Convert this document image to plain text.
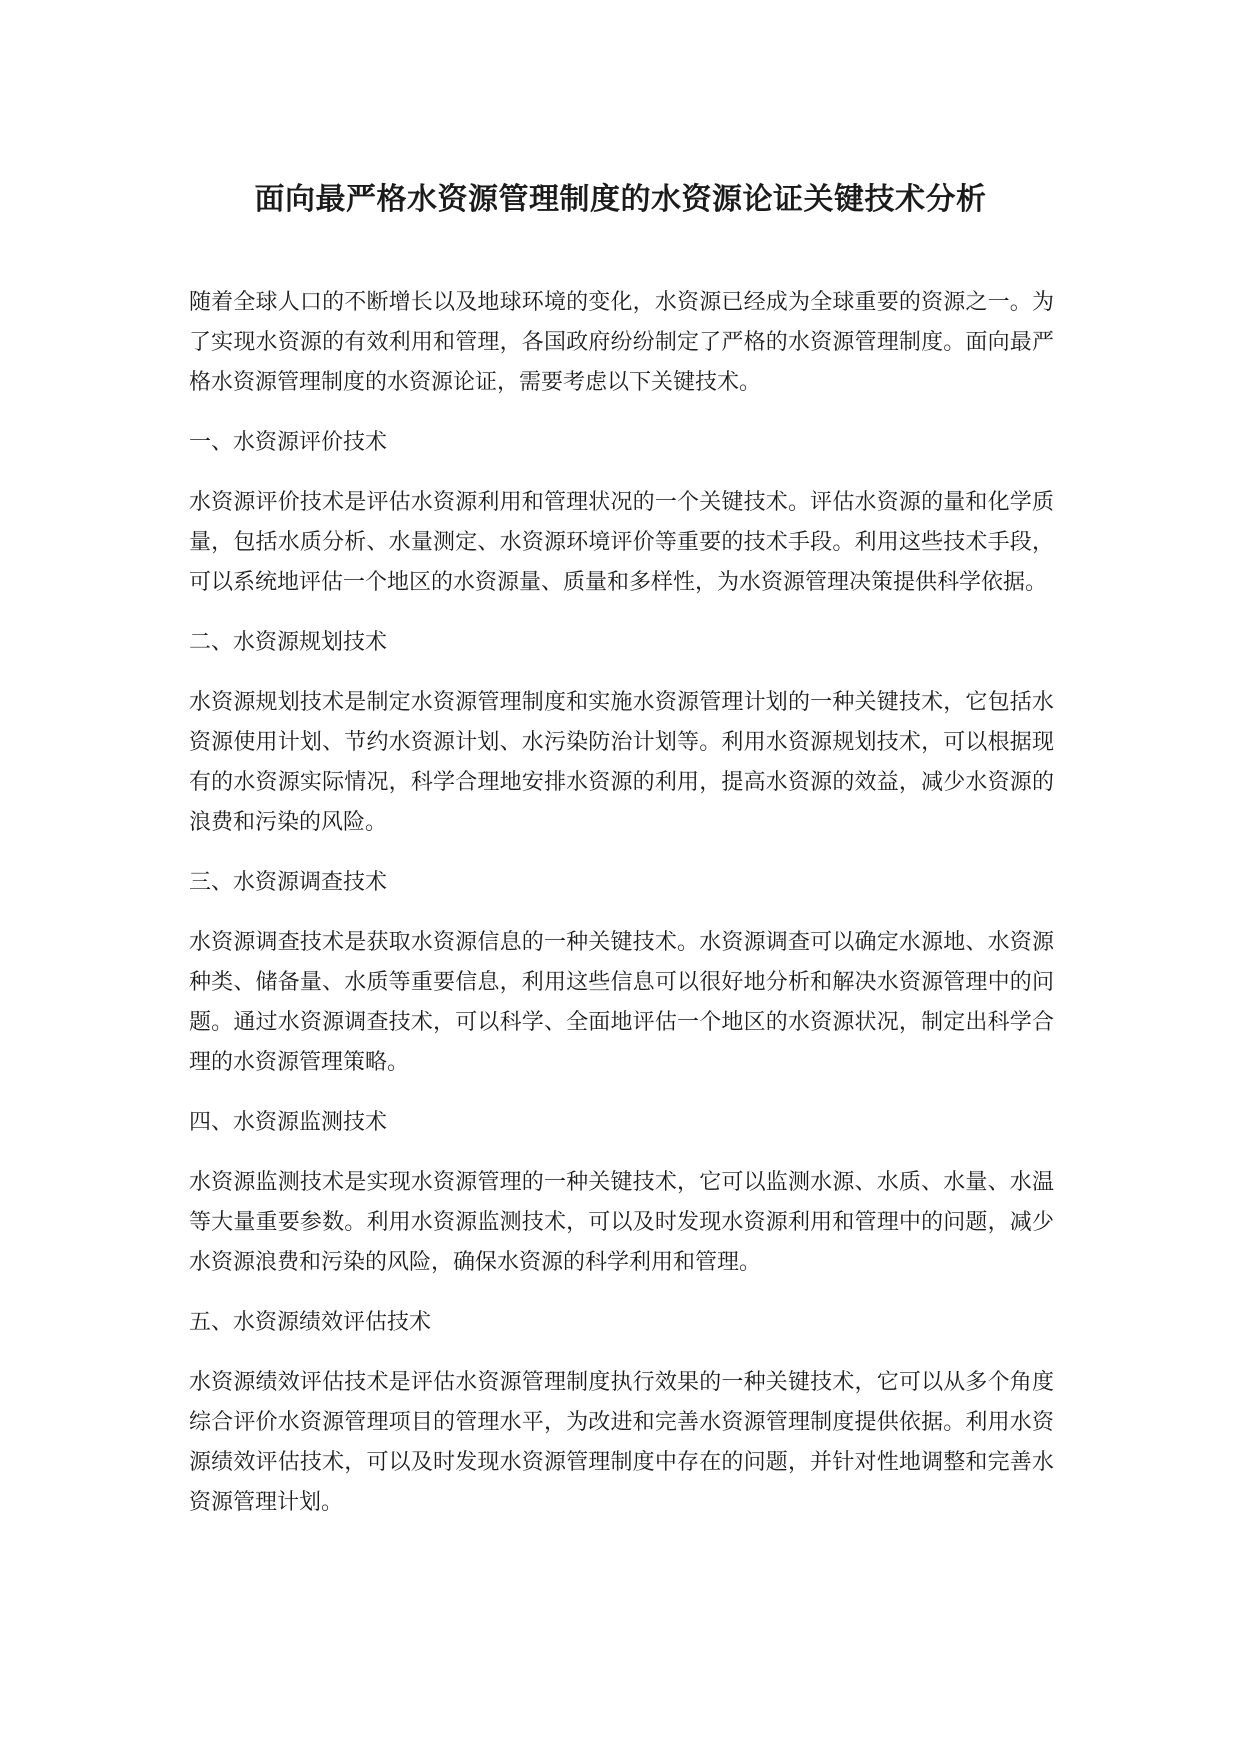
面向最严格水资源管理制度的水资源论证关键技术分析

随着全球人口的不断增长以及地球环境的变化，水资源已经成为全球重要的资源之一。为了实现水资源的有效利用和管理，各国政府纷纷制定了严格的水资源管理制度。面向最严格水资源管理制度的水资源论证，需要考虑以下关键技术。

一、水资源评价技术

水资源评价技术是评估水资源利用和管理状况的一个关键技术。评估水资源的量和化学质量，包括水质分析、水量测定、水资源环境评价等重要的技术手段。利用这些技术手段，可以系统地评估一个地区的水资源量、质量和多样性，为水资源管理决策提供科学依据。

二、水资源规划技术

水资源规划技术是制定水资源管理制度和实施水资源管理计划的一种关键技术，它包括水资源使用计划、节约水资源计划、水污染防治计划等。利用水资源规划技术，可以根据现有的水资源实际情况，科学合理地安排水资源的利用，提高水资源的效益，减少水资源的浪费和污染的风险。

三、水资源调查技术

水资源调查技术是获取水资源信息的一种关键技术。水资源调查可以确定水源地、水资源种类、储备量、水质等重要信息，利用这些信息可以很好地分析和解决水资源管理中的问题。通过水资源调查技术，可以科学、全面地评估一个地区的水资源状况，制定出科学合理的水资源管理策略。

四、水资源监测技术

水资源监测技术是实现水资源管理的一种关键技术，它可以监测水源、水质、水量、水温等大量重要参数。利用水资源监测技术，可以及时发现水资源利用和管理中的问题，减少水资源浪费和污染的风险，确保水资源的科学利用和管理。

五、水资源绩效评估技术

水资源绩效评估技术是评估水资源管理制度执行效果的一种关键技术，它可以从多个角度综合评价水资源管理项目的管理水平，为改进和完善水资源管理制度提供依据。利用水资源绩效评估技术，可以及时发现水资源管理制度中存在的问题，并针对性地调整和完善水资源管理计划。
